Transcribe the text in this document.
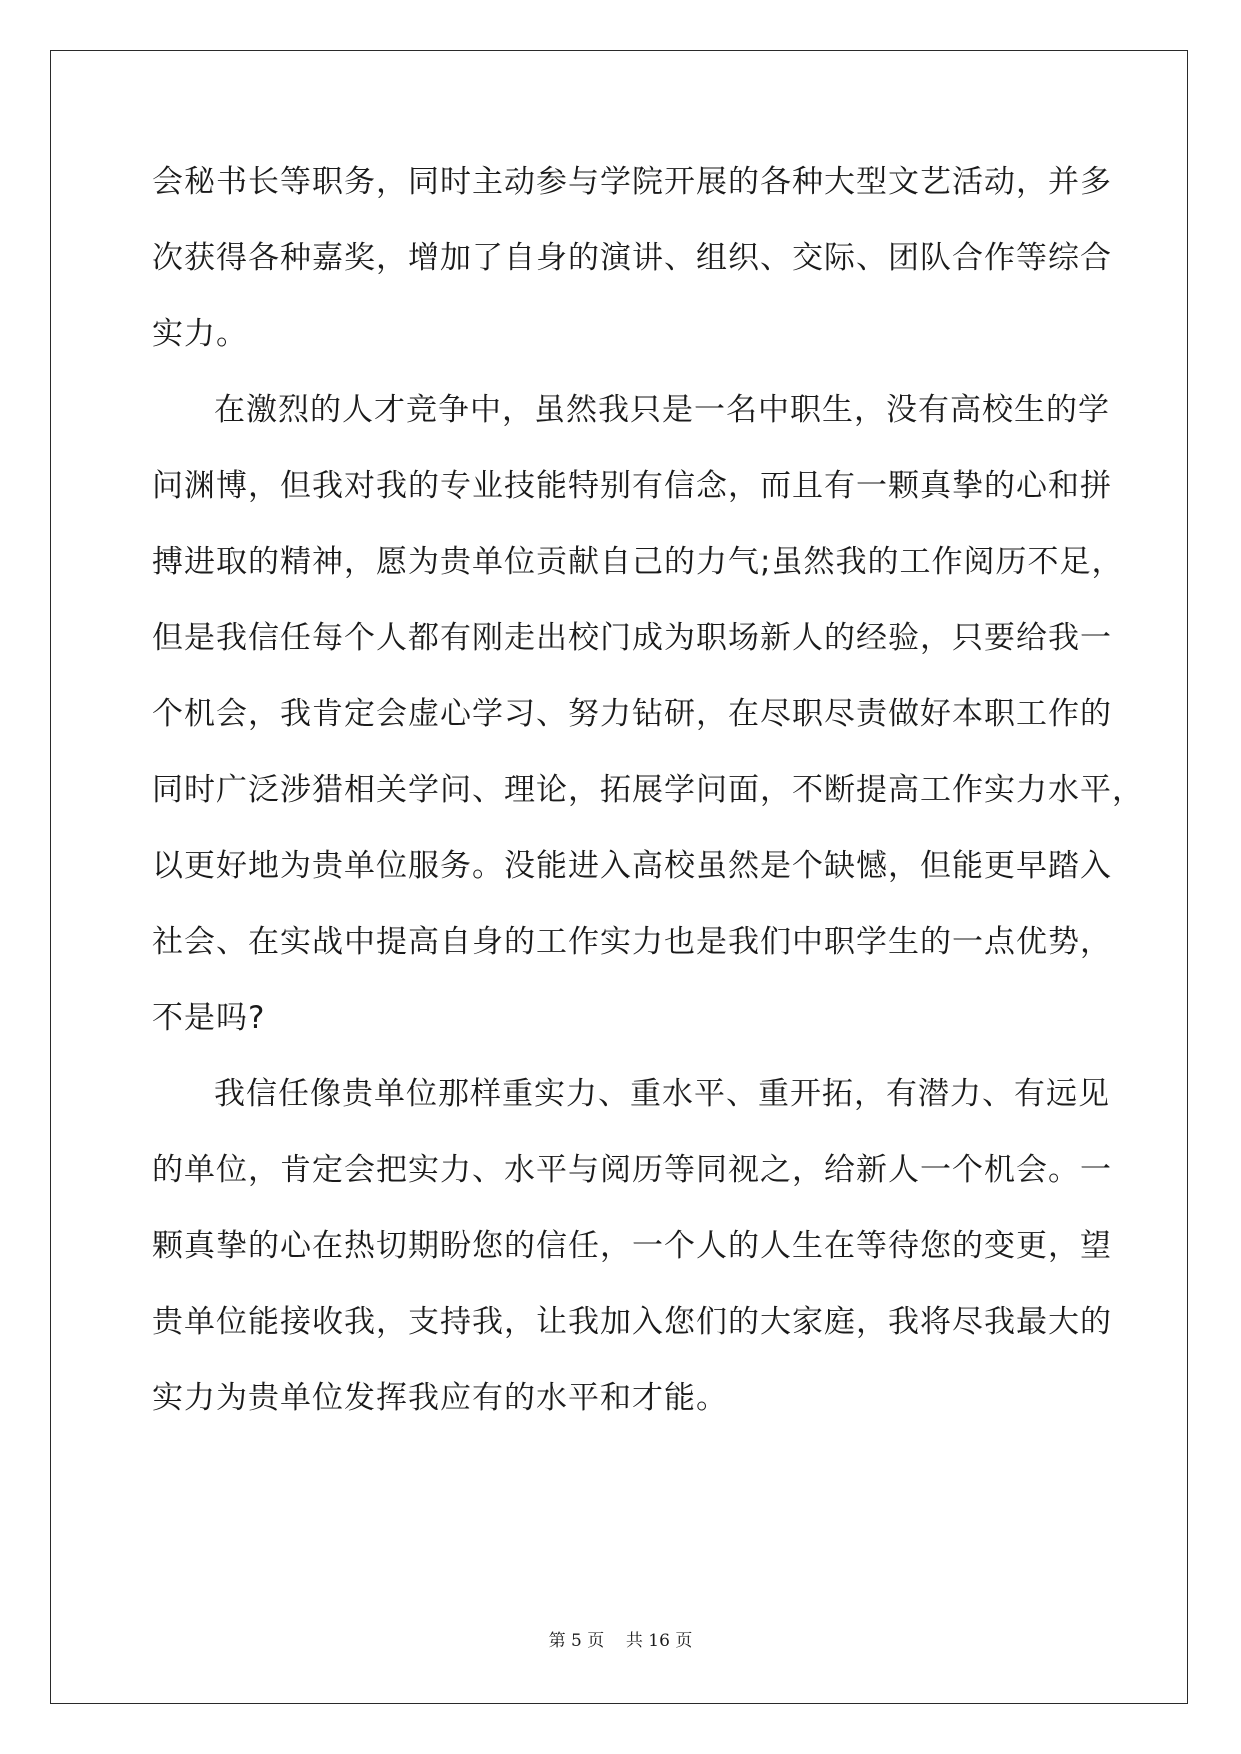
会秘书长等职务，同时主动参与学院开展的各种大型文艺活动，并多
次获得各种嘉奖，增加了自身的演讲、组织、交际、团队合作等综合
实力。
在激烈的人才竞争中，虽然我只是一名中职生，没有高校生的学
问渊博，但我对我的专业技能特别有信念，而且有一颗真挚的心和拼
搏进取的精神，愿为贵单位贡献自己的力气;虽然我的工作阅历不足，
但是我信任每个人都有刚走出校门成为职场新人的经验，只要给我一
个机会，我肯定会虚心学习、努力钻研，在尽职尽责做好本职工作的
同时广泛涉猎相关学问、理论，拓展学问面，不断提高工作实力水平，
以更好地为贵单位服务。没能进入高校虽然是个缺憾，但能更早踏入
社会、在实战中提高自身的工作实力也是我们中职学生的一点优势，
不是吗?
我信任像贵单位那样重实力、重水平、重开拓，有潜力、有远见
的单位，肯定会把实力、水平与阅历等同视之，给新人一个机会。一
颗真挚的心在热切期盼您的信任，一个人的人生在等待您的变更，望
贵单位能接收我，支持我，让我加入您们的大家庭，我将尽我最大的
实力为贵单位发挥我应有的水平和才能。
第 5 页    共 16 页
